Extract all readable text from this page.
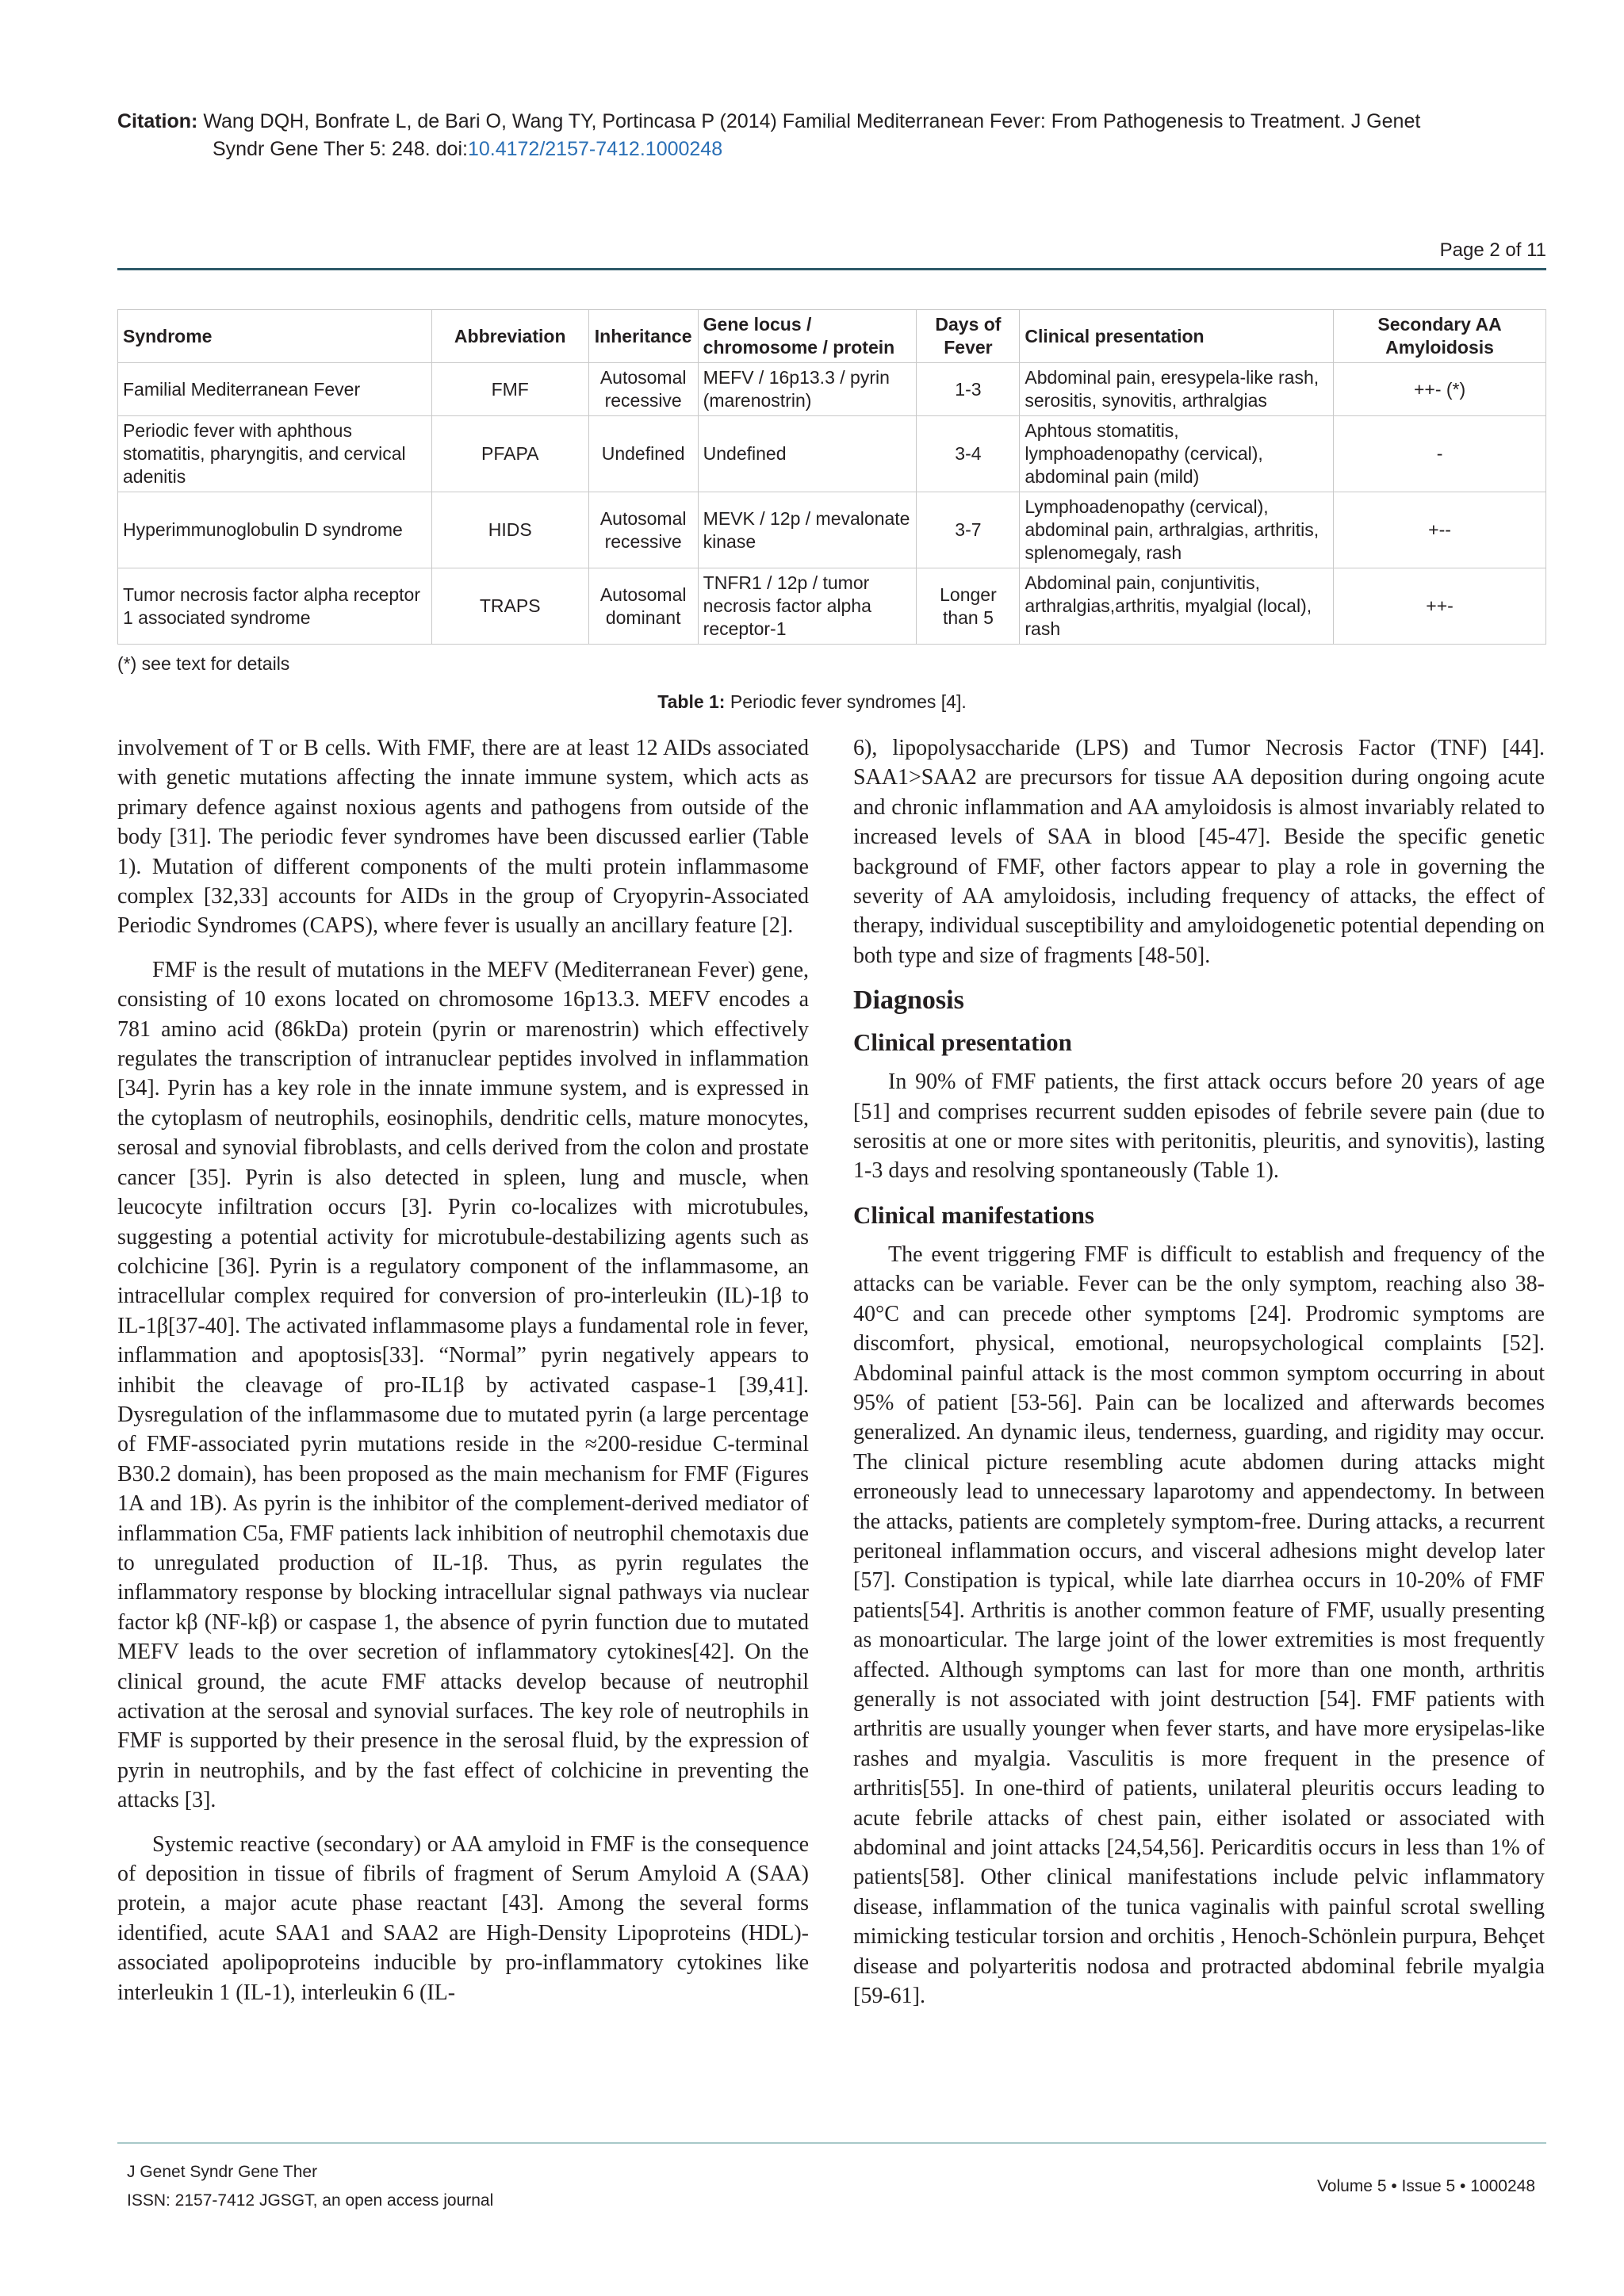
Citation: Wang DQH, Bonfrate L, de Bari O, Wang TY, Portincasa P (2014) Familial Mediterranean Fever: From Pathogenesis to Treatment. J Genet
Syndr Gene Ther 5: 248. doi:10.4172/2157-7412.1000248
Page 2 of 11
Syndrome	Abbreviation	Inheritance	Gene locus / chromosome / protein	Days of Fever	Clinical presentation	Secondary AA Amyloidosis
Familial Mediterranean Fever	FMF	Autosomal recessive	MEFV / 16p13.3 / pyrin (marenostrin)	1-3	Abdominal pain, eresypela-like rash, serositis, synovitis, arthralgias	++- (*)
Periodic fever with aphthous stomatitis, pharyngitis, and cervical adenitis	PFAPA	Undefined	Undefined	3-4	Aphtous stomatitis, lymphoadenopathy (cervical), abdominal pain (mild)	-
Hyperimmunoglobulin D syndrome	HIDS	Autosomal recessive	MEVK / 12p / mevalonate kinase	3-7	Lymphoadenopathy (cervical), abdominal pain, arthralgias, arthritis, splenomegaly, rash	+--
Tumor necrosis factor alpha receptor 1 associated syndrome	TRAPS	Autosomal dominant	TNFR1 / 12p / tumor necrosis factor alpha receptor-1	Longer than 5	Abdominal pain, conjuntivitis, arthralgias,arthritis, myalgial (local), rash	++-
(*) see text for details
Table 1: Periodic fever syndromes [4].

involvement of T or B cells. With FMF, there are at least 12 AIDs associated with genetic mutations affecting the innate immune system, which acts as primary defence against noxious agents and pathogens from outside of the body [31]. The periodic fever syndromes have been discussed earlier (Table 1). Mutation of different components of the multi protein inflammasome complex [32,33] accounts for AIDs in the group of Cryopyrin-Associated Periodic Syndromes (CAPS), where fever is usually an ancillary feature [2].

FMF is the result of mutations in the MEFV (Mediterranean Fever) gene, consisting of 10 exons located on chromosome 16p13.3. MEFV encodes a 781 amino acid (86kDa) protein (pyrin or marenostrin) which effectively regulates the transcription of intranuclear peptides involved in inflammation [34]. Pyrin has a key role in the innate immune system, and is expressed in the cytoplasm of neutrophils, eosinophils, dendritic cells, mature monocytes, serosal and synovial fibroblasts, and cells derived from the colon and prostate cancer [35]. Pyrin is also detected in spleen, lung and muscle, when leucocyte infiltration occurs [3]. Pyrin co-localizes with microtubules, suggesting a potential activity for microtubule-destabilizing agents such as colchicine [36]. Pyrin is a regulatory component of the inflammasome, an intracellular complex required for conversion of pro-interleukin (IL)-1β to IL-1β[37-40]. The activated inflammasome plays a fundamental role in fever, inflammation and apoptosis[33]. “Normal” pyrin negatively appears to inhibit the cleavage of pro-IL1β by activated caspase-1 [39,41]. Dysregulation of the inflammasome due to mutated pyrin (a large percentage of FMF-associated pyrin mutations reside in the ≈200-residue C-terminal B30.2 domain), has been proposed as the main mechanism for FMF (Figures 1A and 1B). As pyrin is the inhibitor of the complement-derived mediator of inflammation C5a, FMF patients lack inhibition of neutrophil chemotaxis due to unregulated production of IL-1β. Thus, as pyrin regulates the inflammatory response by blocking intracellular signal pathways via nuclear factor kβ (NF-kβ) or caspase 1, the absence of pyrin function due to mutated MEFV leads to the over secretion of inflammatory cytokines[42]. On the clinical ground, the acute FMF attacks develop because of neutrophil activation at the serosal and synovial surfaces. The key role of neutrophils in FMF is supported by their presence in the serosal fluid, by the expression of pyrin in neutrophils, and by the fast effect of colchicine in preventing the attacks [3].

Systemic reactive (secondary) or AA amyloid in FMF is the consequence of deposition in tissue of fibrils of fragment of Serum Amyloid A (SAA) protein, a major acute phase reactant [43]. Among the several forms identified, acute SAA1 and SAA2 are High-Density Lipoproteins (HDL)-associated apolipoproteins inducible by pro-inflammatory cytokines like interleukin 1 (IL-1), interleukin 6 (IL-

6), lipopolysaccharide (LPS) and Tumor Necrosis Factor (TNF) [44]. SAA1>SAA2 are precursors for tissue AA deposition during ongoing acute and chronic inflammation and AA amyloidosis is almost invariably related to increased levels of SAA in blood [45-47]. Beside the specific genetic background of FMF, other factors appear to play a role in governing the severity of AA amyloidosis, including frequency of attacks, the effect of therapy, individual susceptibility and amyloidogenetic potential depending on both type and size of fragments [48-50].

Diagnosis
Clinical presentation

In 90% of FMF patients, the first attack occurs before 20 years of age [51] and comprises recurrent sudden episodes of febrile severe pain (due to serositis at one or more sites with peritonitis, pleuritis, and synovitis), lasting 1-3 days and resolving spontaneously (Table 1).

Clinical manifestations

The event triggering FMF is difficult to establish and frequency of the attacks can be variable. Fever can be the only symptom, reaching also 38-40°C and can precede other symptoms [24]. Prodromic symptoms are discomfort, physical, emotional, neuropsychological complaints [52]. Abdominal painful attack is the most common symptom occurring in about 95% of patient [53-56]. Pain can be localized and afterwards becomes generalized. An dynamic ileus, tenderness, guarding, and rigidity may occur. The clinical picture resembling acute abdomen during attacks might erroneously lead to unnecessary laparotomy and appendectomy. In between the attacks, patients are completely symptom-free. During attacks, a recurrent peritoneal inflammation occurs, and visceral adhesions might develop later [57]. Constipation is typical, while late diarrhea occurs in 10-20% of FMF patients[54]. Arthritis is another common feature of FMF, usually presenting as monoarticular. The large joint of the lower extremities is most frequently affected. Although symptoms can last for more than one month, arthritis generally is not associated with joint destruction [54]. FMF patients with arthritis are usually younger when fever starts, and have more erysipelas-like rashes and myalgia. Vasculitis is more frequent in the presence of arthritis[55]. In one-third of patients, unilateral pleuritis occurs leading to acute febrile attacks of chest pain, either isolated or associated with abdominal and joint attacks [24,54,56]. Pericarditis occurs in less than 1% of patients[58]. Other clinical manifestations include pelvic inflammatory disease, inflammation of the tunica vaginalis with painful scrotal swelling mimicking testicular torsion and orchitis , Henoch-Schönlein purpura, Behçet disease and polyarteritis nodosa and protracted abdominal febrile myalgia [59-61].

J Genet Syndr Gene Ther
ISSN: 2157-7412 JGSGT, an open access journal
Volume 5 • Issue 5 • 1000248
